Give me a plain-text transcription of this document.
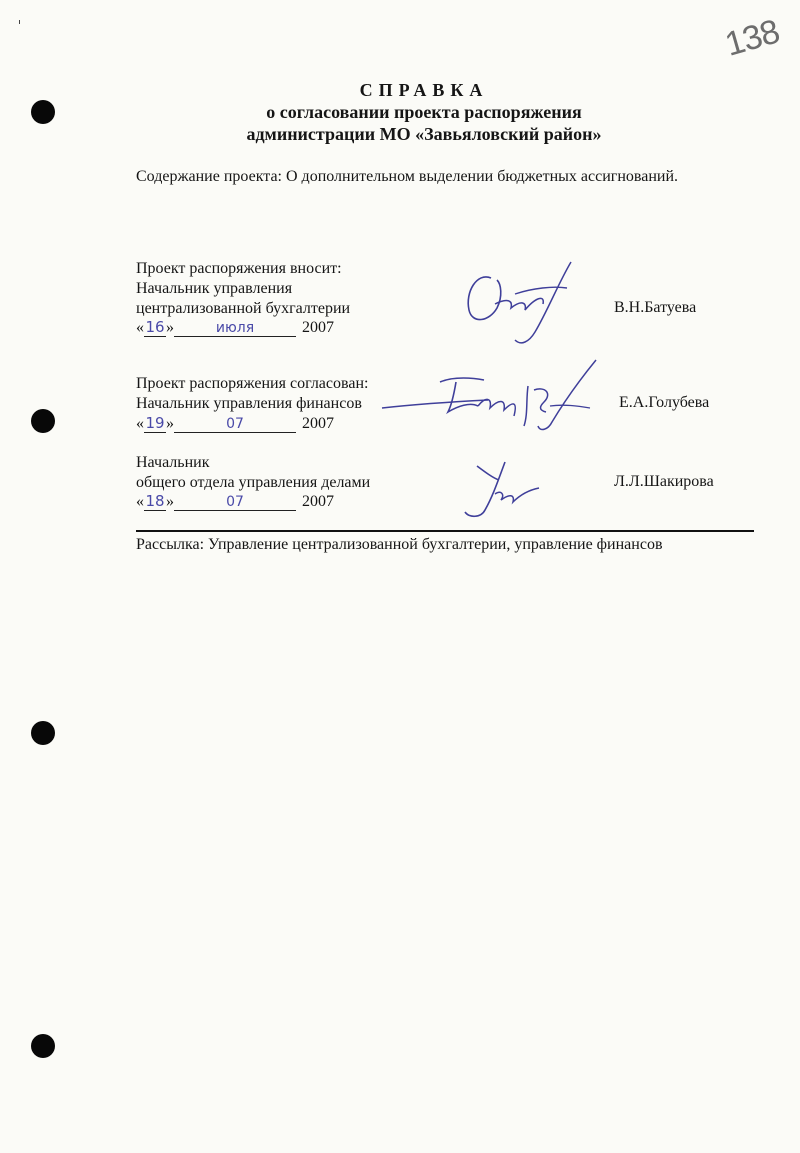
138
СПРАВКА
о согласовании проекта распоряжения
администрации МО «Завьяловский район»
Содержание проекта: О дополнительном выделении бюджетных ассигнований.
Проект распоряжения вносит:
Начальник управления
централизованной бухгалтерии
«16»	июля	2007
В.Н.Батуева
Проект распоряжения согласован:
Начальник управления финансов
«19»	07	2007
Е.А.Голубева
Начальник
общего отдела управления делами
«18»	07	2007
Л.Л.Шакирова
Рассылка: Управление централизованной бухгалтерии, управление финансов
